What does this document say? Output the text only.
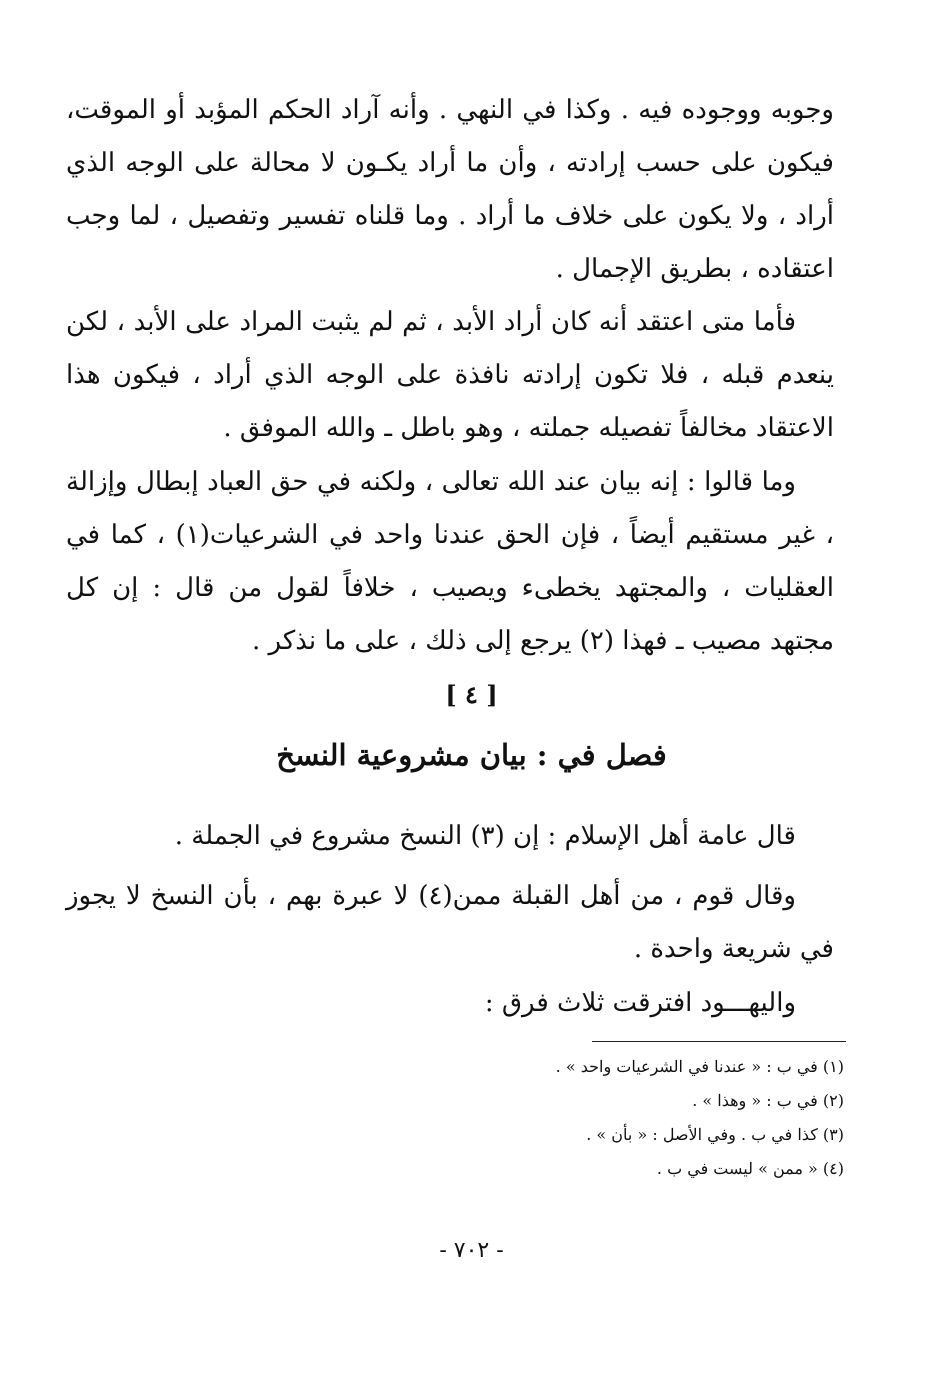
وجوبه ووجوده فيه . وكذا في النهي . وأنه آراد الحكم المؤبد أو الموقت، فيكون على حسب إرادته ، وأن ما أراد يكـون لا محالة على الوجه الذي أراد ، ولا يكون على خلاف ما أراد . وما قلناه تفسير وتفصيل ، لما وجب اعتقاده ، بطريق الإجمال .

فأما متى اعتقد أنه كان أراد الأبد ، ثم لم يثبت المراد على الأبد ، لكن ينعدم قبله ، فلا تكون إرادته نافذة على الوجه الذي أراد ، فيكون هذا الاعتقاد مخالفاً تفصيله جملته ، وهو باطل ـ والله الموفق .

وما قالوا : إنه بيان عند الله تعالى ، ولكنه في حق العباد إبطال وإزالة ، غير مستقيم أيضاً ، فإن الحق عندنا واحد في الشرعيات(١) ، كما في العقليات ، والمجتهد يخطىء ويصيب ، خلافاً لقول من قال : إن كل مجتهد مصيب ـ فهذا (٢) يرجع إلى ذلك ، على ما نذكر .

[ ٤ ]
فصل في : بيان مشروعية النسخ

قال عامة أهل الإسلام : إن (٣) النسخ مشروع في الجملة .

وقال قوم ، من أهل القبلة ممن(٤) لا عبرة بهم ، بأن النسخ لا يجوز في شريعة واحدة .

واليهـــود افترقت ثلاث فرق :

(١) في ب : « عندنا في الشرعيات واحد » .

(٢) في ب : « وهذا » .

(٣) كذا في ب . وفي الأصل : « بأن » .

(٤) « ممن » ليست في ب .

- ٧٠٢ -
